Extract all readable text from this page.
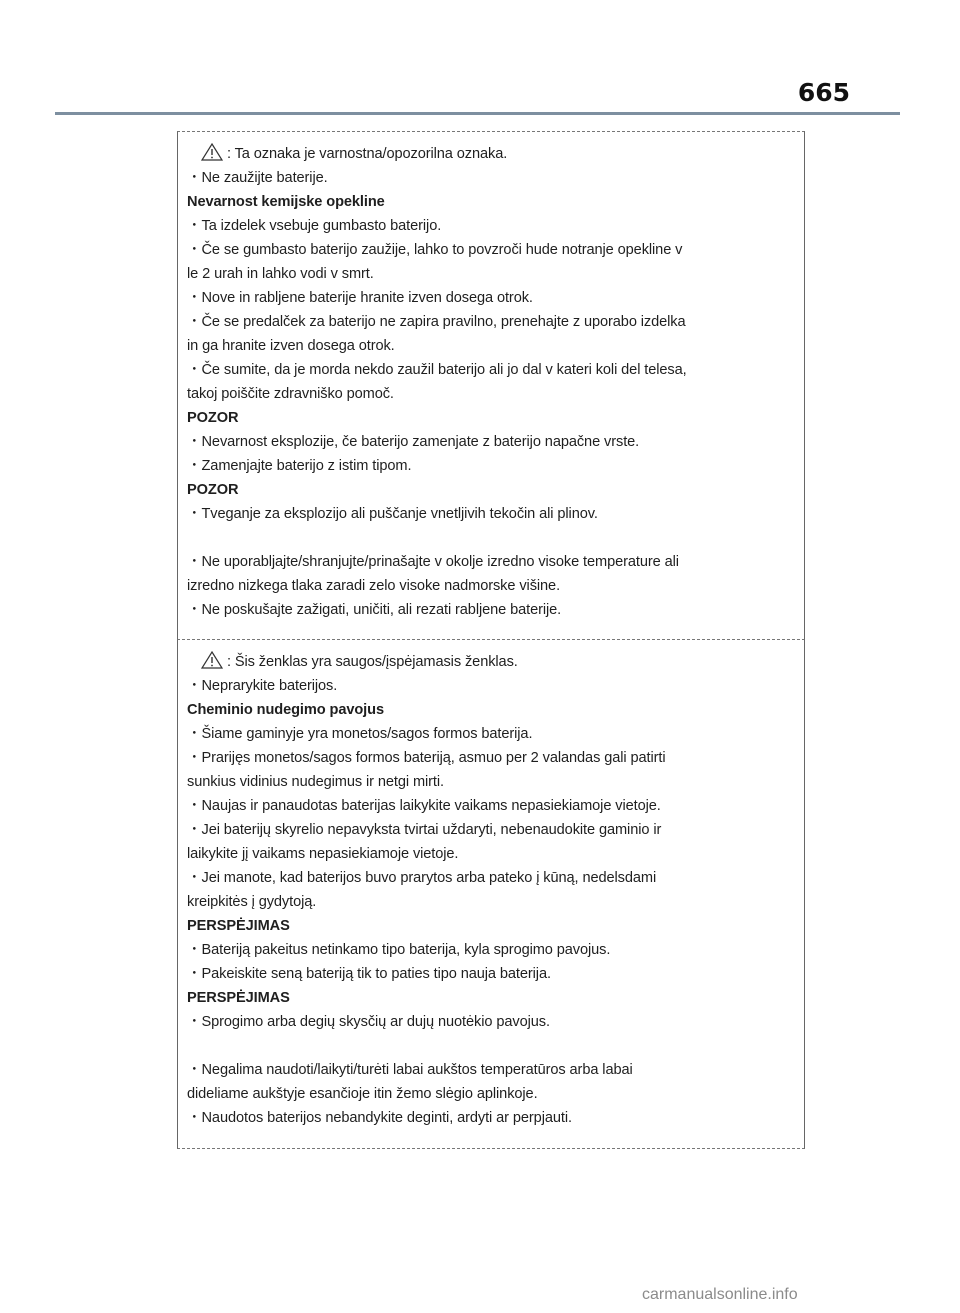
665
: Ta oznaka je varnostna/opozorilna oznaka.
・Ne zaužijte baterije.
Nevarnost kemijske opekline
・Ta izdelek vsebuje gumbasto baterijo.
・Če se gumbasto baterijo zaužije, lahko to povzroči hude notranje opekline v
le 2 urah in lahko vodi v smrt.
・Nove in rabljene baterije hranite izven dosega otrok.
・Če se predalček za baterijo ne zapira pravilno, prenehajte z uporabo izdelka
in ga hranite izven dosega otrok.
・Če sumite, da je morda nekdo zaužil baterijo ali jo dal v kateri koli del telesa,
takoj poiščite zdravniško pomoč.
POZOR
・Nevarnost eksplozije, če baterijo zamenjate z baterijo napačne vrste.
・Zamenjajte baterijo z istim tipom.
POZOR
・Tveganje za eksplozijo ali puščanje vnetljivih tekočin ali plinov.
・Ne uporabljajte/shranjujte/prinašajte v okolje izredno visoke temperature ali
izredno nizkega tlaka zaradi zelo visoke nadmorske višine.
・Ne poskušajte zažigati, uničiti, ali rezati rabljene baterije.
: Šis ženklas yra saugos/įspėjamasis ženklas.
・Neprarykite baterijos.
Cheminio nudegimo pavojus
・Šiame gaminyje yra monetos/sagos formos baterija.
・Prarijęs monetos/sagos formos bateriją, asmuo per 2 valandas gali patirti
sunkius vidinius nudegimus ir netgi mirti.
・Naujas ir panaudotas baterijas laikykite vaikams nepasiekiamoje vietoje.
・Jei baterijų skyrelio nepavyksta tvirtai uždaryti, nebenaudokite gaminio ir
laikykite jį vaikams nepasiekiamoje vietoje.
・Jei manote, kad baterijos buvo prarytos arba pateko į kūną, nedelsdami
kreipkitės į gydytoją.
PERSPĖJIMAS
・Bateriją pakeitus netinkamo tipo baterija, kyla sprogimo pavojus.
・Pakeiskite seną bateriją tik to paties tipo nauja baterija.
PERSPĖJIMAS
・Sprogimo arba degių skysčių ar dujų nuotėkio pavojus.
・Negalima naudoti/laikyti/turėti labai aukštos temperatūros arba labai
dideliame aukštyje esančioje itin žemo slėgio aplinkoje.
・Naudotos baterijos nebandykite deginti, ardyti ar perpjauti.
carmanualsonline.info
